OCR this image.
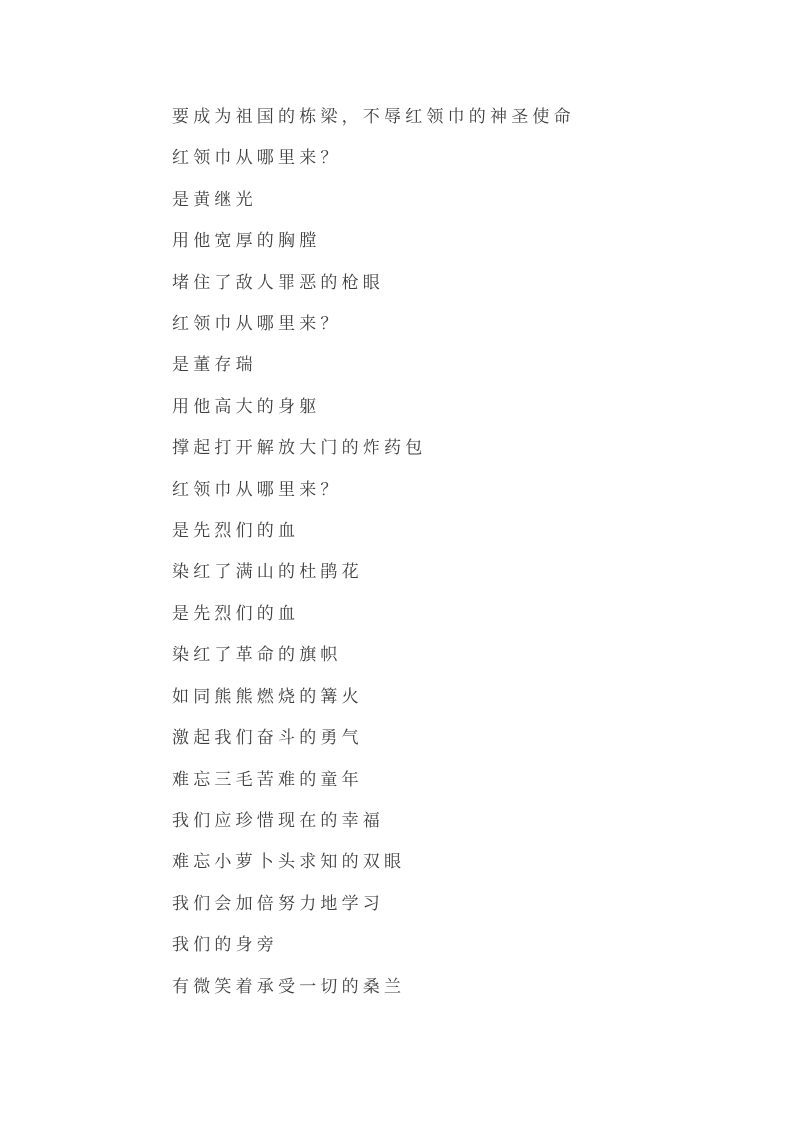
要成为祖国的栋梁，不辱红领巾的神圣使命

红领巾从哪里来？

是黄继光

用他宽厚的胸膛

堵住了敌人罪恶的枪眼

红领巾从哪里来？

是董存瑞

用他高大的身躯

撑起打开解放大门的炸药包

红领巾从哪里来？

是先烈们的血

染红了满山的杜鹃花

是先烈们的血

染红了革命的旗帜

如同熊熊燃烧的篝火

激起我们奋斗的勇气

难忘三毛苦难的童年

我们应珍惜现在的幸福

难忘小萝卜头求知的双眼

我们会加倍努力地学习

我们的身旁

有微笑着承受一切的桑兰
